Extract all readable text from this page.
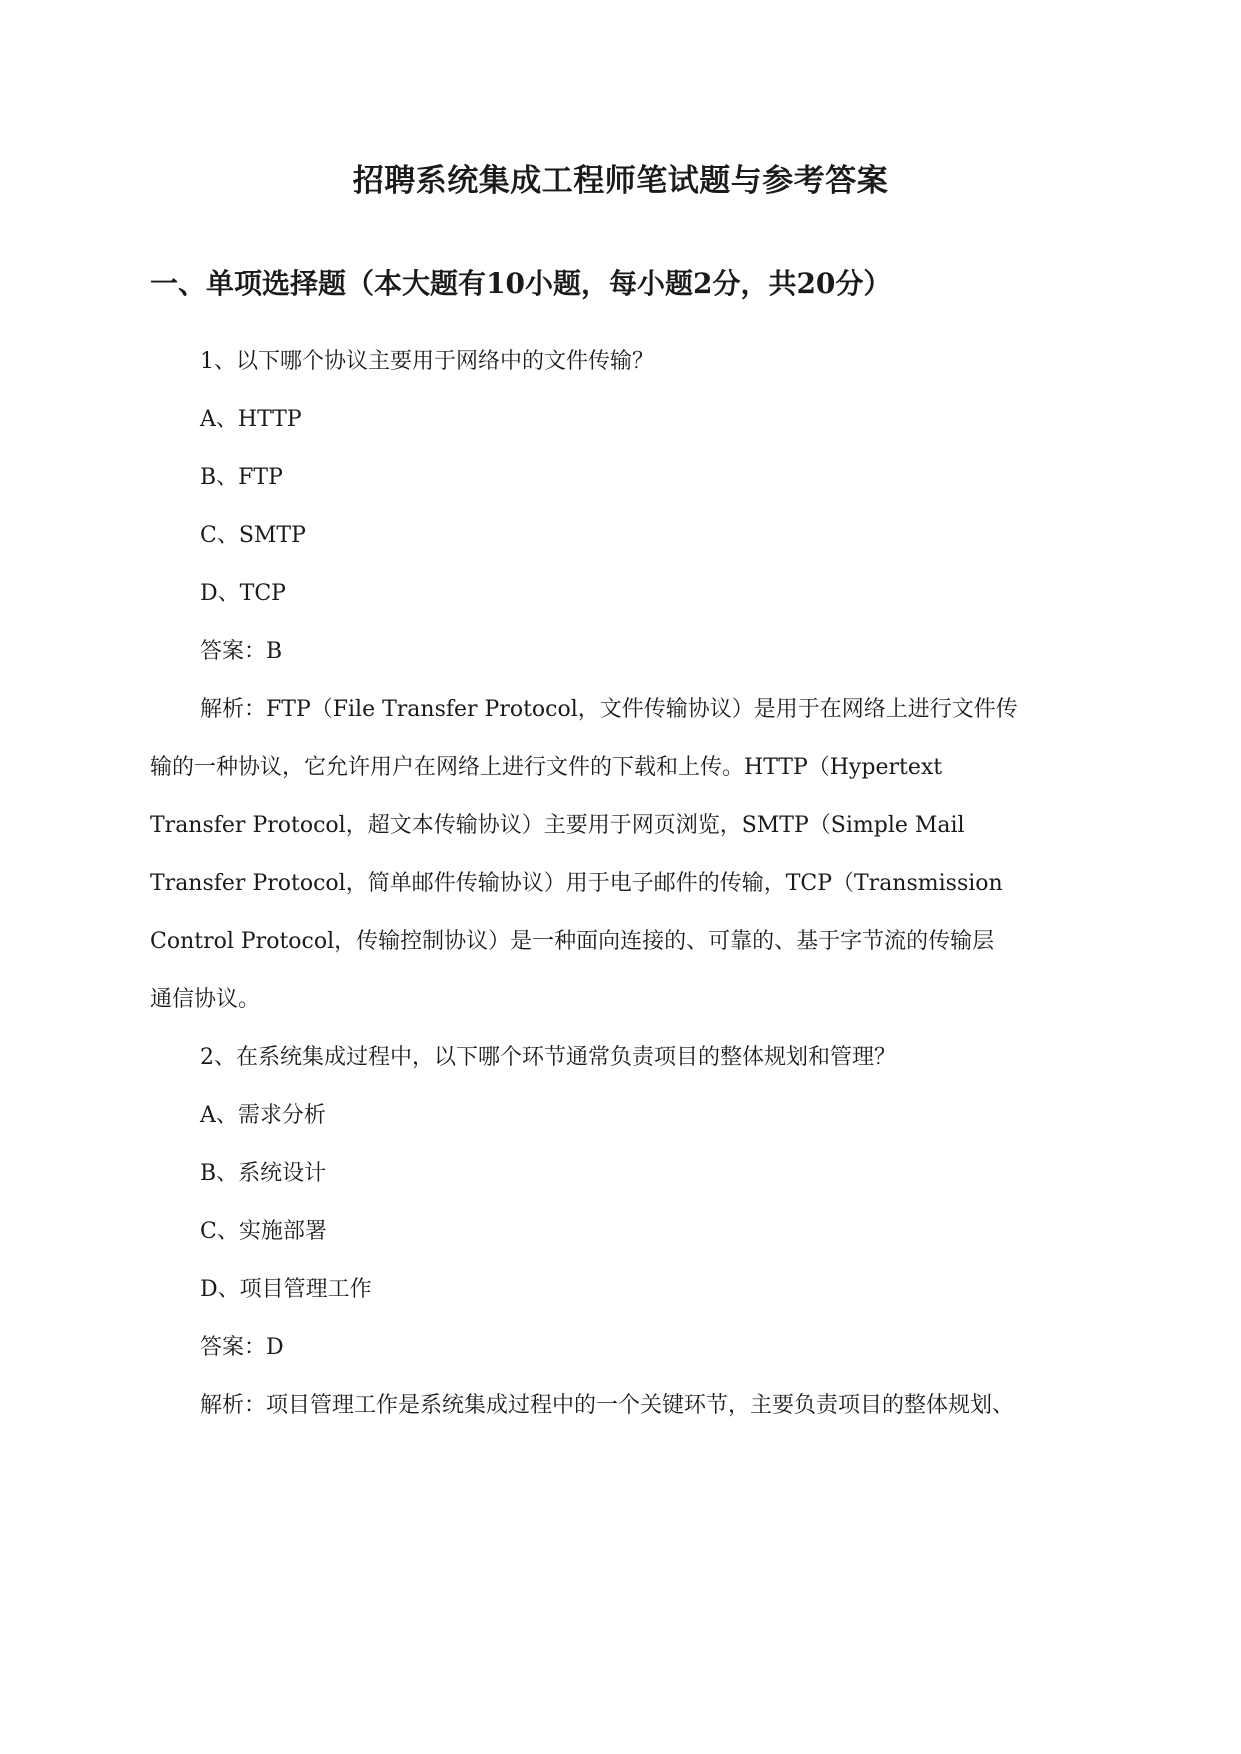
招聘系统集成工程师笔试题与参考答案
一、单项选择题（本大题有10小题，每小题2分，共20分）
1、以下哪个协议主要用于网络中的文件传输？
A、HTTP
B、FTP
C、SMTP
D、TCP
答案：B
解析：FTP（File Transfer Protocol，文件传输协议）是用于在网络上进行文件传
输的一种协议，它允许用户在网络上进行文件的下载和上传。HTTP（Hypertext
Transfer Protocol，超文本传输协议）主要用于网页浏览，SMTP（Simple Mail
Transfer Protocol，简单邮件传输协议）用于电子邮件的传输，TCP（Transmission
Control Protocol，传输控制协议）是一种面向连接的、可靠的、基于字节流的传输层
通信协议。
2、在系统集成过程中，以下哪个环节通常负责项目的整体规划和管理？
A、需求分析
B、系统设计
C、实施部署
D、项目管理工作
答案：D
解析：项目管理工作是系统集成过程中的一个关键环节，主要负责项目的整体规划、
